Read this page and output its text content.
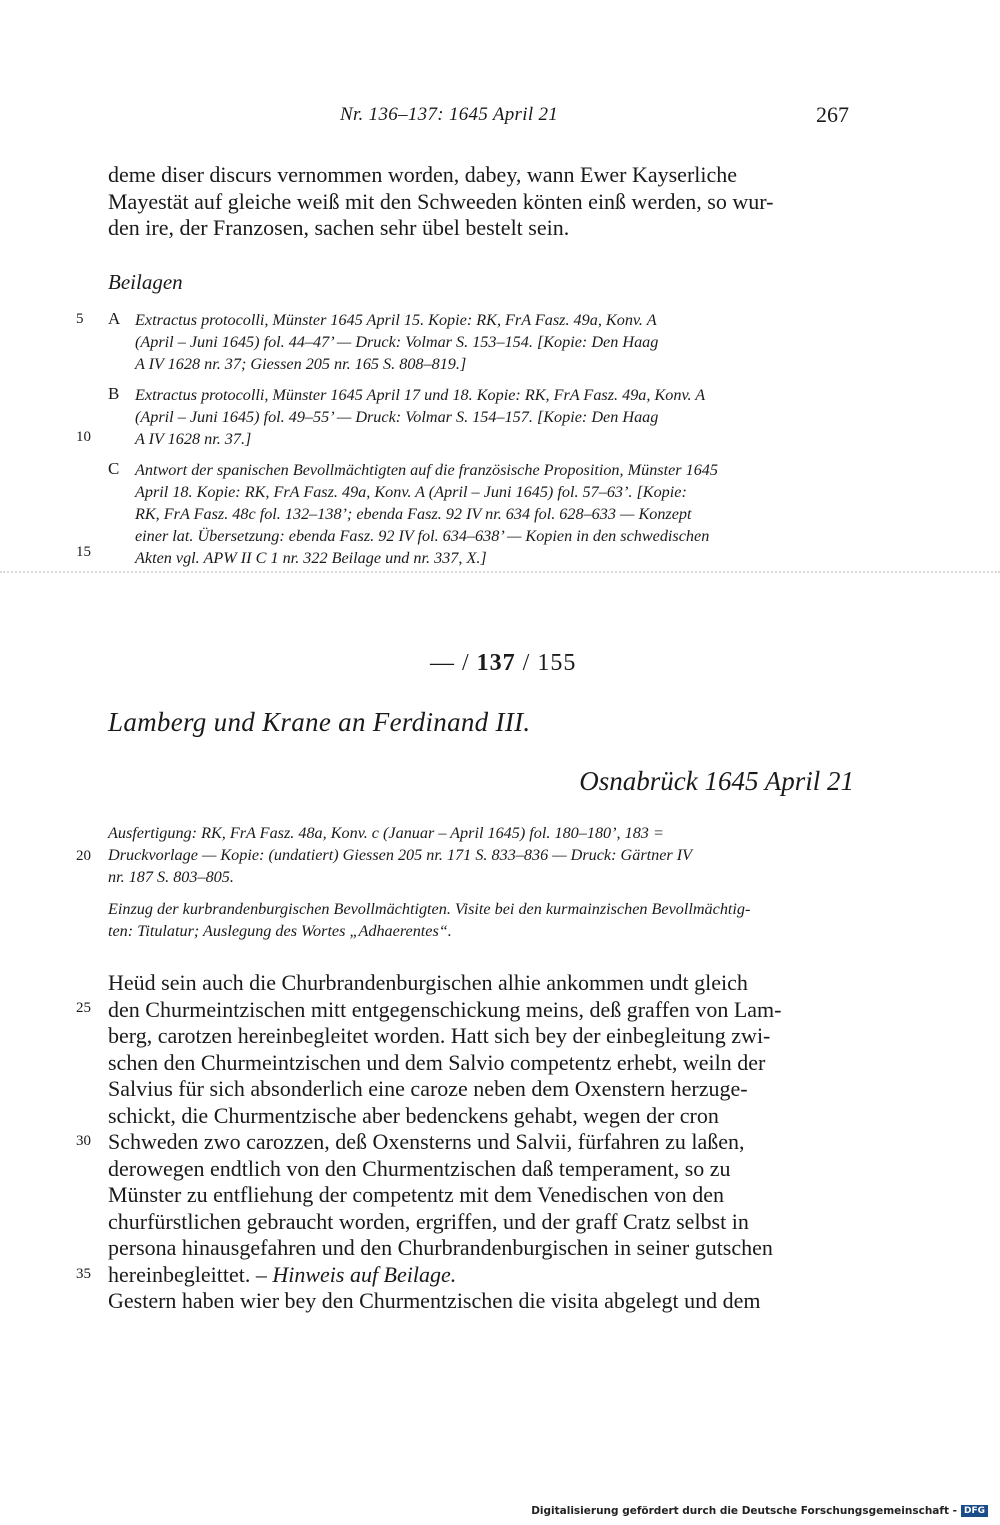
Nr. 136–137: 1645 April 21	267
deme diser discurs vernommen worden, dabey, wann Ewer Kayserliche
Mayestät auf gleiche weiß mit den Schweeden könten einß werden, so wur-
den ire, der Franzosen, sachen sehr übel bestelt sein.
Beilagen
A Extractus protocolli, Münster 1645 April 15. Kopie: RK, FrA Fasz. 49a, Konv. A
(April – Juni 1645) fol. 44–47’ — Druck: Volmar S. 153–154. [Kopie: Den Haag
A IV 1628 nr. 37; Giessen 205 nr. 165 S. 808–819.]
B Extractus protocolli, Münster 1645 April 17 und 18. Kopie: RK, FrA Fasz. 49a, Konv. A
(April – Juni 1645) fol. 49–55’ — Druck: Volmar S. 154–157. [Kopie: Den Haag
A IV 1628 nr. 37.]
C Antwort der spanischen Bevollmächtigten auf die französische Proposition, Münster 1645
April 18. Kopie: RK, FrA Fasz. 49a, Konv. A (April – Juni 1645) fol. 57–63’. [Kopie:
RK, FrA Fasz. 48c fol. 132–138’; ebenda Fasz. 92 IV nr. 634 fol. 628–633 — Konzept
einer lat. Übersetzung: ebenda Fasz. 92 IV fol. 634–638’ — Kopien in den schwedischen
Akten vgl. APW II C 1 nr. 322 Beilage und nr. 337, X.]
— / 137 / 155
Lamberg und Krane an Ferdinand III.
Osnabrück 1645 April 21
Ausfertigung: RK, FrA Fasz. 48a, Konv. c (Januar – April 1645) fol. 180–180’, 183 =
Druckvorlage — Kopie: (undatiert) Giessen 205 nr. 171 S. 833–836 — Druck: Gärtner IV
nr. 187 S. 803–805.
Einzug der kurbrandenburgischen Bevollmächtigten. Visite bei den kurmainzischen Bevollmächtig-
ten: Titulatur; Auslegung des Wortes „Adhaerentes“.
Heüd sein auch die Churbrandenburgischen alhie ankommen undt gleich
den Churmeintzischen mitt entgegenschickung meins, deß graffen von Lam-
berg, carotzen hereinbegleitet worden. Hatt sich bey der einbegleitung zwi-
schen den Churmeintzischen und dem Salvio competentz erhebt, weiln der
Salvius für sich absonderlich eine caroze neben dem Oxenstern herzuge-
schickt, die Churmentzische aber bedenckens gehabt, wegen der cron
Schweden zwo carozzen, deß Oxensterns und Salvii, fürfahren zu laßen,
derowegen endtlich von den Churmentzischen daß temperament, so zu
Münster zu entfliehung der competentz mit dem Venedischen von den
churfürstlichen gebraucht worden, ergriffen, und der graff Cratz selbst in
persona hinausgefahren und den Churbrandenburgischen in seiner gutschen
hereinbegleittet. – Hinweis auf Beilage.
Gestern haben wier bey den Churmentzischen die visita abgelegt und dem
5
10
15
20
25
30
35
Digitalisierung gefördert durch die Deutsche Forschungsgemeinschaft - DFG
